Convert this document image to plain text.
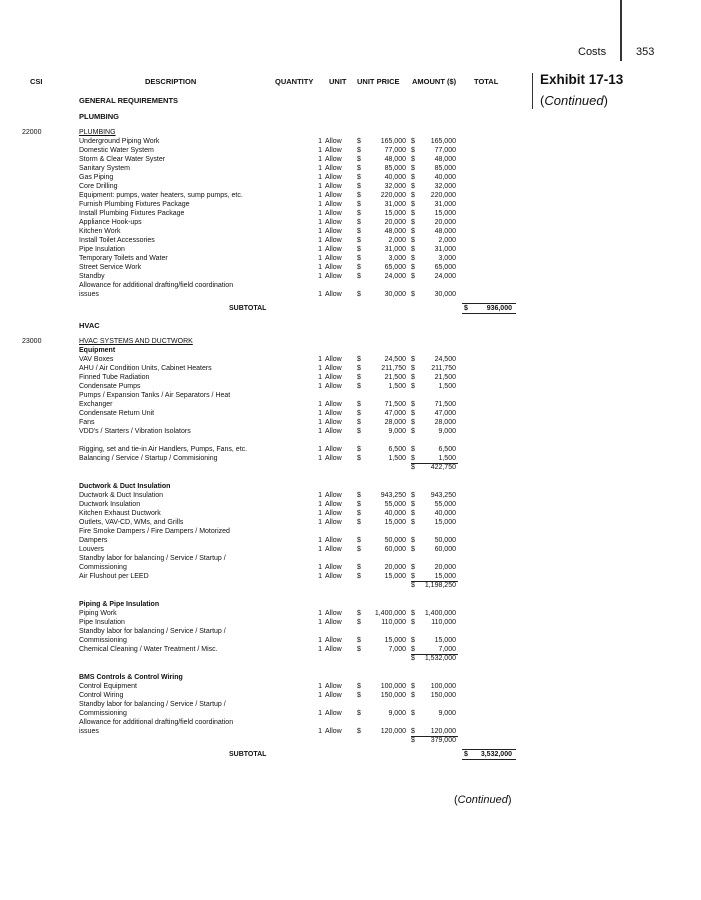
Costs	353
Exhibit 17-13
(Continued)
CSI	DESCRIPTION	QUANTITY UNIT UNIT PRICE AMOUNT ($) TOTAL
GENERAL REQUIREMENTS
PLUMBING
22000	PLUMBING
Underground Piping Work	1 Allow $	165,000 $	165,000
Domestic Water System	1 Allow $	77,000 $	77,000
Storm & Clear Water Syster	1 Allow $	48,000 $	48,000
Sanitary System	1 Allow $	85,000 $	85,000
Gas Piping	1 Allow $	40,000 $	40,000
Core Drilling	1 Allow $	32,000 $	32,000
Equipment: pumps, water heaters, sump pumps, etc.	1 Allow $	220,000 $	220,000
Furnish Plumbing Fixtures Package	1 Allow $	31,000 $	31,000
Install Plumbing Fixtures Package	1 Allow $	15,000 $	15,000
Appliance Hook-ups	1 Allow $	20,000 $	20,000
Kitchen Work	1 Allow $	48,000 $	48,000
Install Toilet Accessories	1 Allow $	2,000 $	2,000
Pipe Insulation	1 Allow $	31,000 $	31,000
Temporary Toilets and Water	1 Allow $	3,000 $	3,000
Street Service Work	1 Allow $	65,000 $	65,000
Standby	1 Allow $	24,000 $	24,000
Allowance for additional drafting/field coordination
issues	1 Allow $	30,000 $	30,000
SUBTOTAL	$	936,000
HVAC
23000	HVAC SYSTEMS AND DUCTWORK
Equipment
VAV Boxes	1 Allow $	24,500 $	24,500
AHU / Air Condition Units, Cabinet Heaters	1 Allow $	211,750 $	211,750
Finned Tube Radiation	1 Allow $	21,500 $	21,500
Condensate Pumps	1 Allow $	1,500 $	1,500
Pumps / Expansion Tanks / Air Separators / Heat
Exchanger	1 Allow $	71,500 $	71,500
Condensate Return Unit	1 Allow $	47,000 $	47,000
Fans	1 Allow $	28,000 $	28,000
VDD's / Starters / Vibration Isolators	1 Allow $	9,000 $	9,000
Rigging, set and tie-in Air Handlers, Pumps, Fans, etc.	1 Allow $	6,500 $	6,500
Balancing / Service / Startup / Commisioning	1 Allow $	1,500 $	1,500
$	422,750
Ductwork & Duct Insulation
Ductwork & Duct Insulation	1 Allow $	943,250 $	943,250
Ductwork Insulation	1 Allow $	55,000 $	55,000
Kitchen Exhaust Ductwork	1 Allow $	40,000 $	40,000
Outlets, VAV-CD, WMs, and Grills	1 Allow $	15,000 $	15,000
Fire Smoke Dampers / Fire Dampers / Motorized
Dampers	1 Allow $	50,000 $	50,000
Louvers	1 Allow $	60,000 $	60,000
Standby labor for balancing / Service / Startup /
Commissioning	1 Allow $	20,000 $	20,000
Air Flushout per LEED	1 Allow $	15,000 $	15,000
$	1,198,250
Piping & Pipe Insulation
Piping Work	1 Allow $	1,400,000 $	1,400,000
Pipe Insulation	1 Allow $	110,000 $	110,000
Standby labor for balancing / Service / Startup /
Commissioning	1 Allow $	15,000 $	15,000
Chemical Cleaning / Water Treatment / Misc.	1 Allow $	7,000 $	7,000
$	1,532,000
BMS Controls & Control Wiring
Control Equipment	1 Allow $	100,000 $	100,000
Control Wiring	1 Allow $	150,000 $	150,000
Standby labor for balancing / Service / Startup /
Commissioning	1 Allow $	9,000 $	9,000
Allowance for additional drafting/field coordination
issues	1 Allow $	120,000 $	120,000
$	379,000
SUBTOTAL	$	3,532,000
(Continued)
